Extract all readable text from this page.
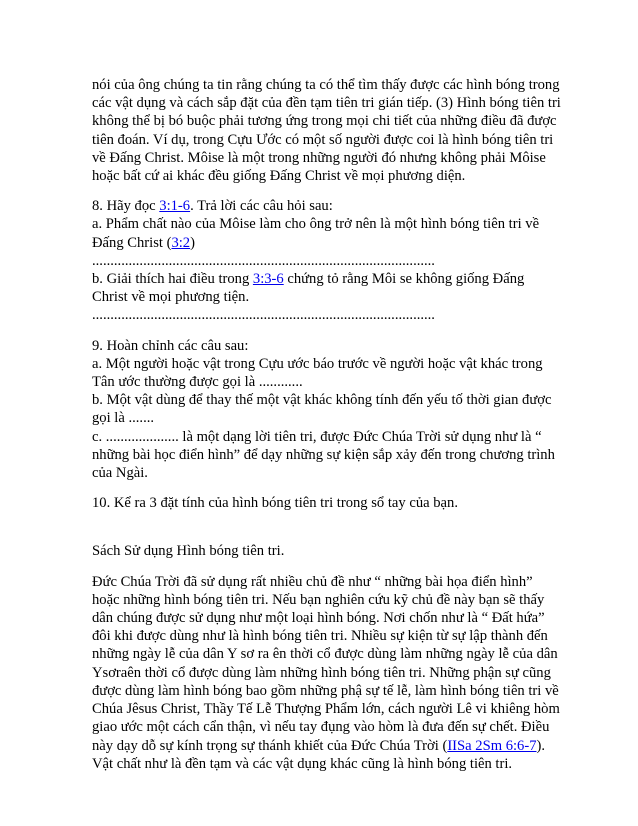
nói của ông chúng ta tin rằng chúng ta có thể tìm thấy được các hình bóng trong các vật dụng và cách sắp đặt của đền tạm tiên tri gián tiếp. (3) Hình bóng tiên tri không thể bị bó buộc phải tương ứng trong mọi chi tiết của những điều đã được tiên đoán. Ví dụ, trong Cựu Ước có một số người được coi là hình bóng tiên tri về Đấng Christ. Môise là một trong những người đó nhưng không phải Môise hoặc bất cứ ai khác đều giống Đấng Christ về mọi phương diện.

8. Hãy đọc 3:1-6. Trả lời các câu hỏi sau:

a. Phẩm chất nào của Môise làm cho ông trở nên là một hình bóng tiên tri về Đấng Christ (3:2)

..............................................................................................

b. Giải thích hai điều trong 3:3-6 chứng tỏ rằng Môi se không giống Đấng Christ về mọi phương tiện.

..............................................................................................

9. Hoàn chỉnh các câu sau:

a. Một người hoặc vật trong Cựu ước báo trước về người hoặc vật khác trong Tân ước thường được gọi là ............

b. Một vật dùng để thay thế một vật khác không tính đến yếu tố thời gian được gọi là .......

c. .................... là một dạng lời tiên tri, được Đức Chúa Trời sử dụng như là “ những bài học điển hình” để dạy những sự kiện sắp xảy đến trong chương trình của Ngài.

10. Kể ra 3 đặt tính của hình bóng tiên tri trong sổ tay của bạn.

Sách Sử dụng Hình bóng tiên tri.

Đức Chúa Trời đã sử dụng rất nhiều chủ đề như “ những bài họa điển hình” hoặc những hình bóng tiên tri. Nếu bạn nghiên cứu kỹ chủ đề này bạn sẽ thấy dân chúng được sử dụng như một loại hình bóng. Nơi chốn như là “ Đất hứa” đôi khi được dùng như là hình bóng tiên tri. Nhiều sự kiện từ sự lập thành đến những ngày lễ của dân Y sơ ra ên thời cổ được dùng làm những ngày lễ của dân Ysơraên thời cổ được dùng làm những hình bóng tiên tri. Những phận sự cũng được dùng làm hình bóng bao gồm những phậ sự tế lễ, làm hình bóng tiên tri về Chúa Jêsus Christ, Thầy Tế Lễ Thượng Phẩm lớn, cách người Lê vi khiêng hòm giao ước một cách cẩn thận, vì nếu tay đụng vào hòm là đưa đến sự chết. Điều này dạy dỗ sự kính trọng sự thánh khiết của Đức Chúa Trời (IISa 2Sm 6:6-7). Vật chất như là đền tạm và các vật dụng khác cũng là hình bóng tiên tri.
